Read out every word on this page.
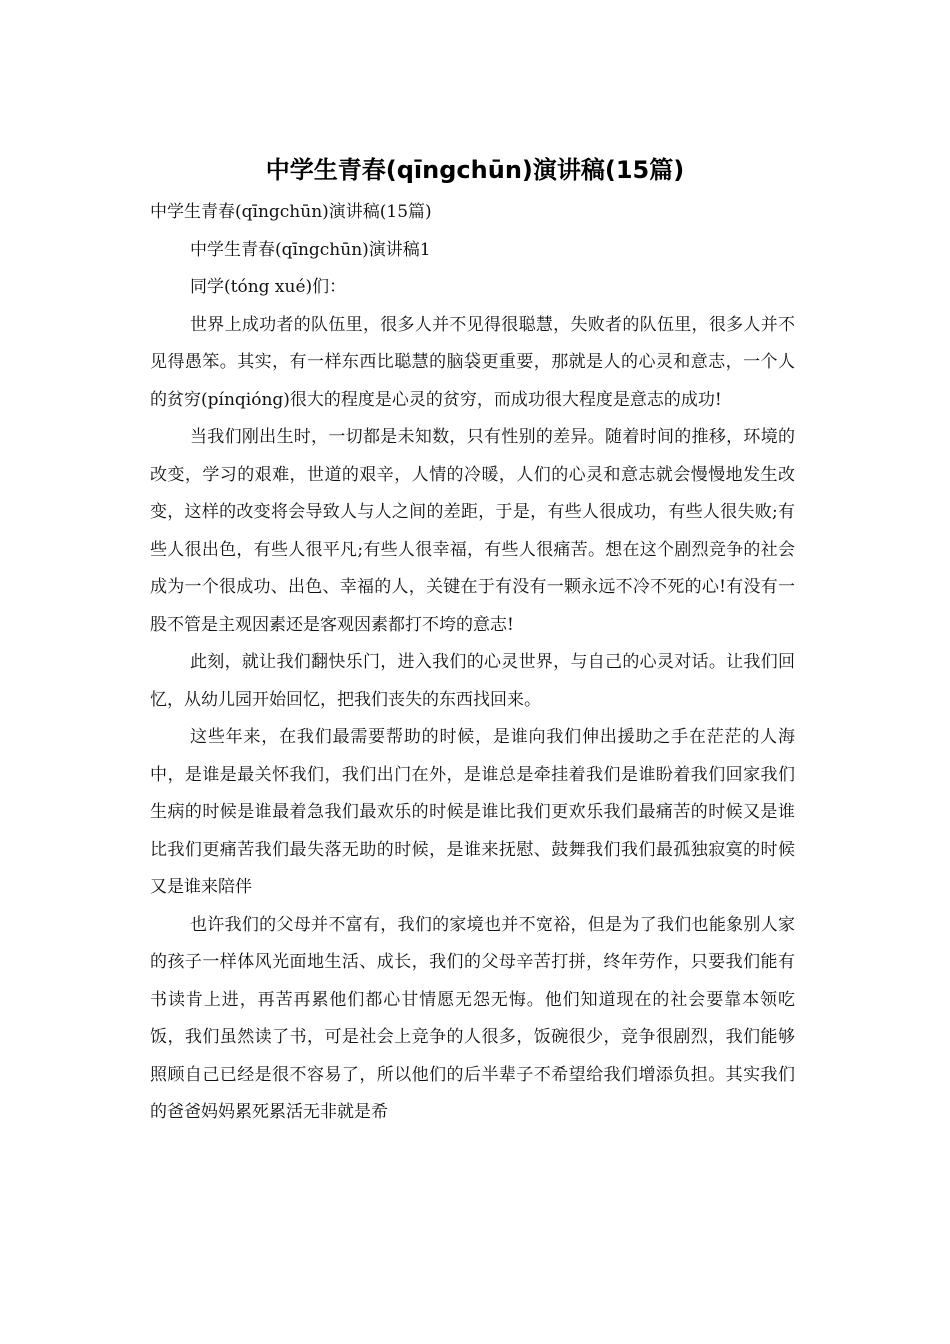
中学生青春(qīngchūn)演讲稿(15篇)

中学生青春(qīngchūn)演讲稿(15篇)

中学生青春(qīngchūn)演讲稿1

同学(tóng xué)们：

世界上成功者的队伍里，很多人并不见得很聪慧，失败者的队伍里，很多人并不见得愚笨。其实，有一样东西比聪慧的脑袋更重要，那就是人的心灵和意志，一个人的贫穷(pínqióng)很大的程度是心灵的贫穷，而成功很大程度是意志的成功!

当我们刚出生时，一切都是未知数，只有性别的差异。随着时间的推移，环境的改变，学习的艰难，世道的艰辛，人情的冷暖，人们的心灵和意志就会慢慢地发生改变，这样的改变将会导致人与人之间的差距，于是，有些人很成功，有些人很失败;有些人很出色，有些人很平凡;有些人很幸福，有些人很痛苦。想在这个剧烈竞争的社会成为一个很成功、出色、幸福的人，关键在于有没有一颗永远不冷不死的心!有没有一股不管是主观因素还是客观因素都打不垮的意志!

此刻，就让我们翻快乐门，进入我们的心灵世界，与自己的心灵对话。让我们回忆，从幼儿园开始回忆，把我们丧失的东西找回来。

这些年来，在我们最需要帮助的时候，是谁向我们伸出援助之手在茫茫的人海中，是谁是最关怀我们，我们出门在外，是谁总是牵挂着我们是谁盼着我们回家我们生病的时候是谁最着急我们最欢乐的时候是谁比我们更欢乐我们最痛苦的时候又是谁比我们更痛苦我们最失落无助的时候，是谁来抚慰、鼓舞我们我们最孤独寂寞的时候又是谁来陪伴

也许我们的父母并不富有，我们的家境也并不宽裕，但是为了我们也能象别人家的孩子一样体风光面地生活、成长，我们的父母辛苦打拼，终年劳作，只要我们能有书读肯上进，再苦再累他们都心甘情愿无怨无悔。他们知道现在的社会要靠本领吃饭，我们虽然读了书，可是社会上竞争的人很多，饭碗很少，竞争很剧烈，我们能够照顾自己已经是很不容易了，所以他们的后半辈子不希望给我们增添负担。其实我们的爸爸妈妈累死累活无非就是希
